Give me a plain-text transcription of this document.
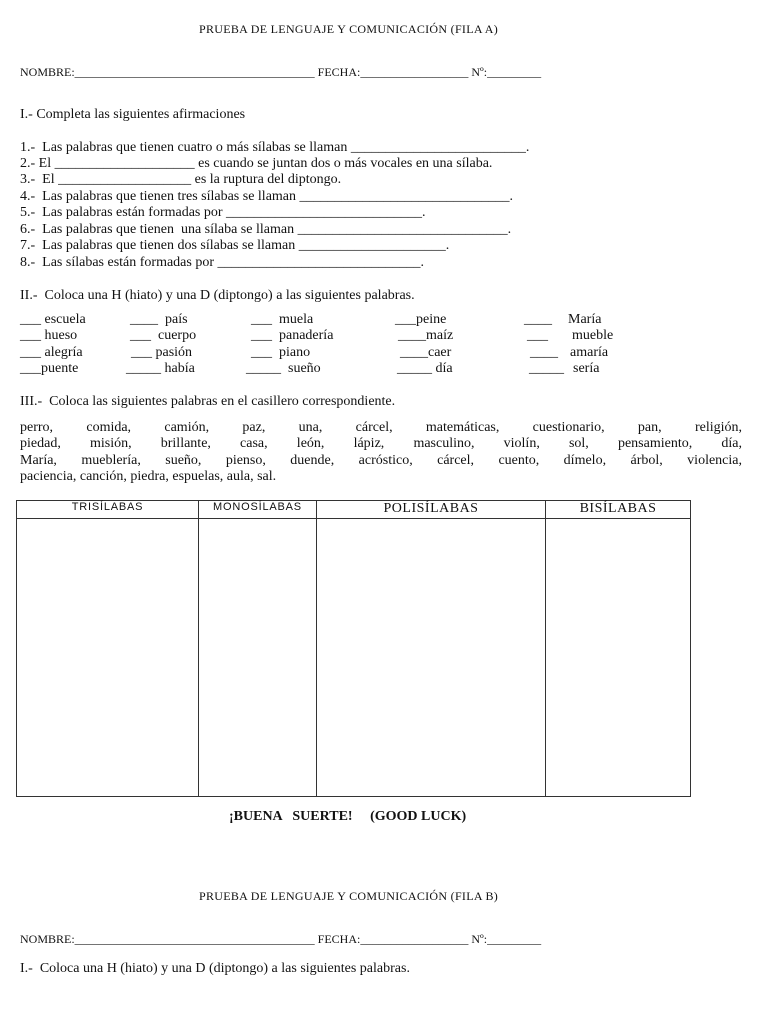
PRUEBA DE LENGUAJE Y COMUNICACIÓN (FILA A)
NOMBRE:________________________________________ FECHA:__________________ Nº:_________
I.- Completa las siguientes afirmaciones
1.-  Las palabras que tienen cuatro o más sílabas se llaman _________________________.
2.- El ____________________ es cuando se juntan dos o más vocales en una sílaba.
3.-  El ___________________ es la ruptura del diptongo.
4.-  Las palabras que tienen tres sílabas se llaman ______________________________.
5.-  Las palabras están formadas por ____________________________.
6.-  Las palabras que tienen  una sílaba se llaman ______________________________.
7.-  Las palabras que tienen dos sílabas se llaman _____________________.
8.-  Las sílabas están formadas por _____________________________.
II.-  Coloca una H (hiato) y una D (diptongo) a las siguientes palabras.
___ escuela	____  país	___  muela	___peine	____ María
___ hueso	___  cuerpo	___  panadería	____maíz	___ mueble
___ alegría	___ pasión	___  piano	____caer	____ amaría
___puente	_____ había	_____  sueño	_____ día	_____ sería
III.-  Coloca las siguientes palabras en el casillero correspondiente.
perro, comida, camión, paz, una, cárcel, matemáticas, cuestionario, pan, religión,
piedad, misión, brillante, casa, león, lápiz, masculino, violín, sol, pensamiento, día,
María, mueblería, sueño, pienso, duende, acróstico, cárcel, cuento, dímelo, árbol, violencia,
paciencia, canción, piedra, espuelas, aula, sal.
TRISÍLABAS	MONOSÍLABAS	POLISÍLABAS	BISÍLABAS

¡BUENA   SUERTE!     (GOOD LUCK)
PRUEBA DE LENGUAJE Y COMUNICACIÓN (FILA B)
NOMBRE:________________________________________ FECHA:__________________ Nº:_________
I.-  Coloca una H (hiato) y una D (diptongo) a las siguientes palabras.
